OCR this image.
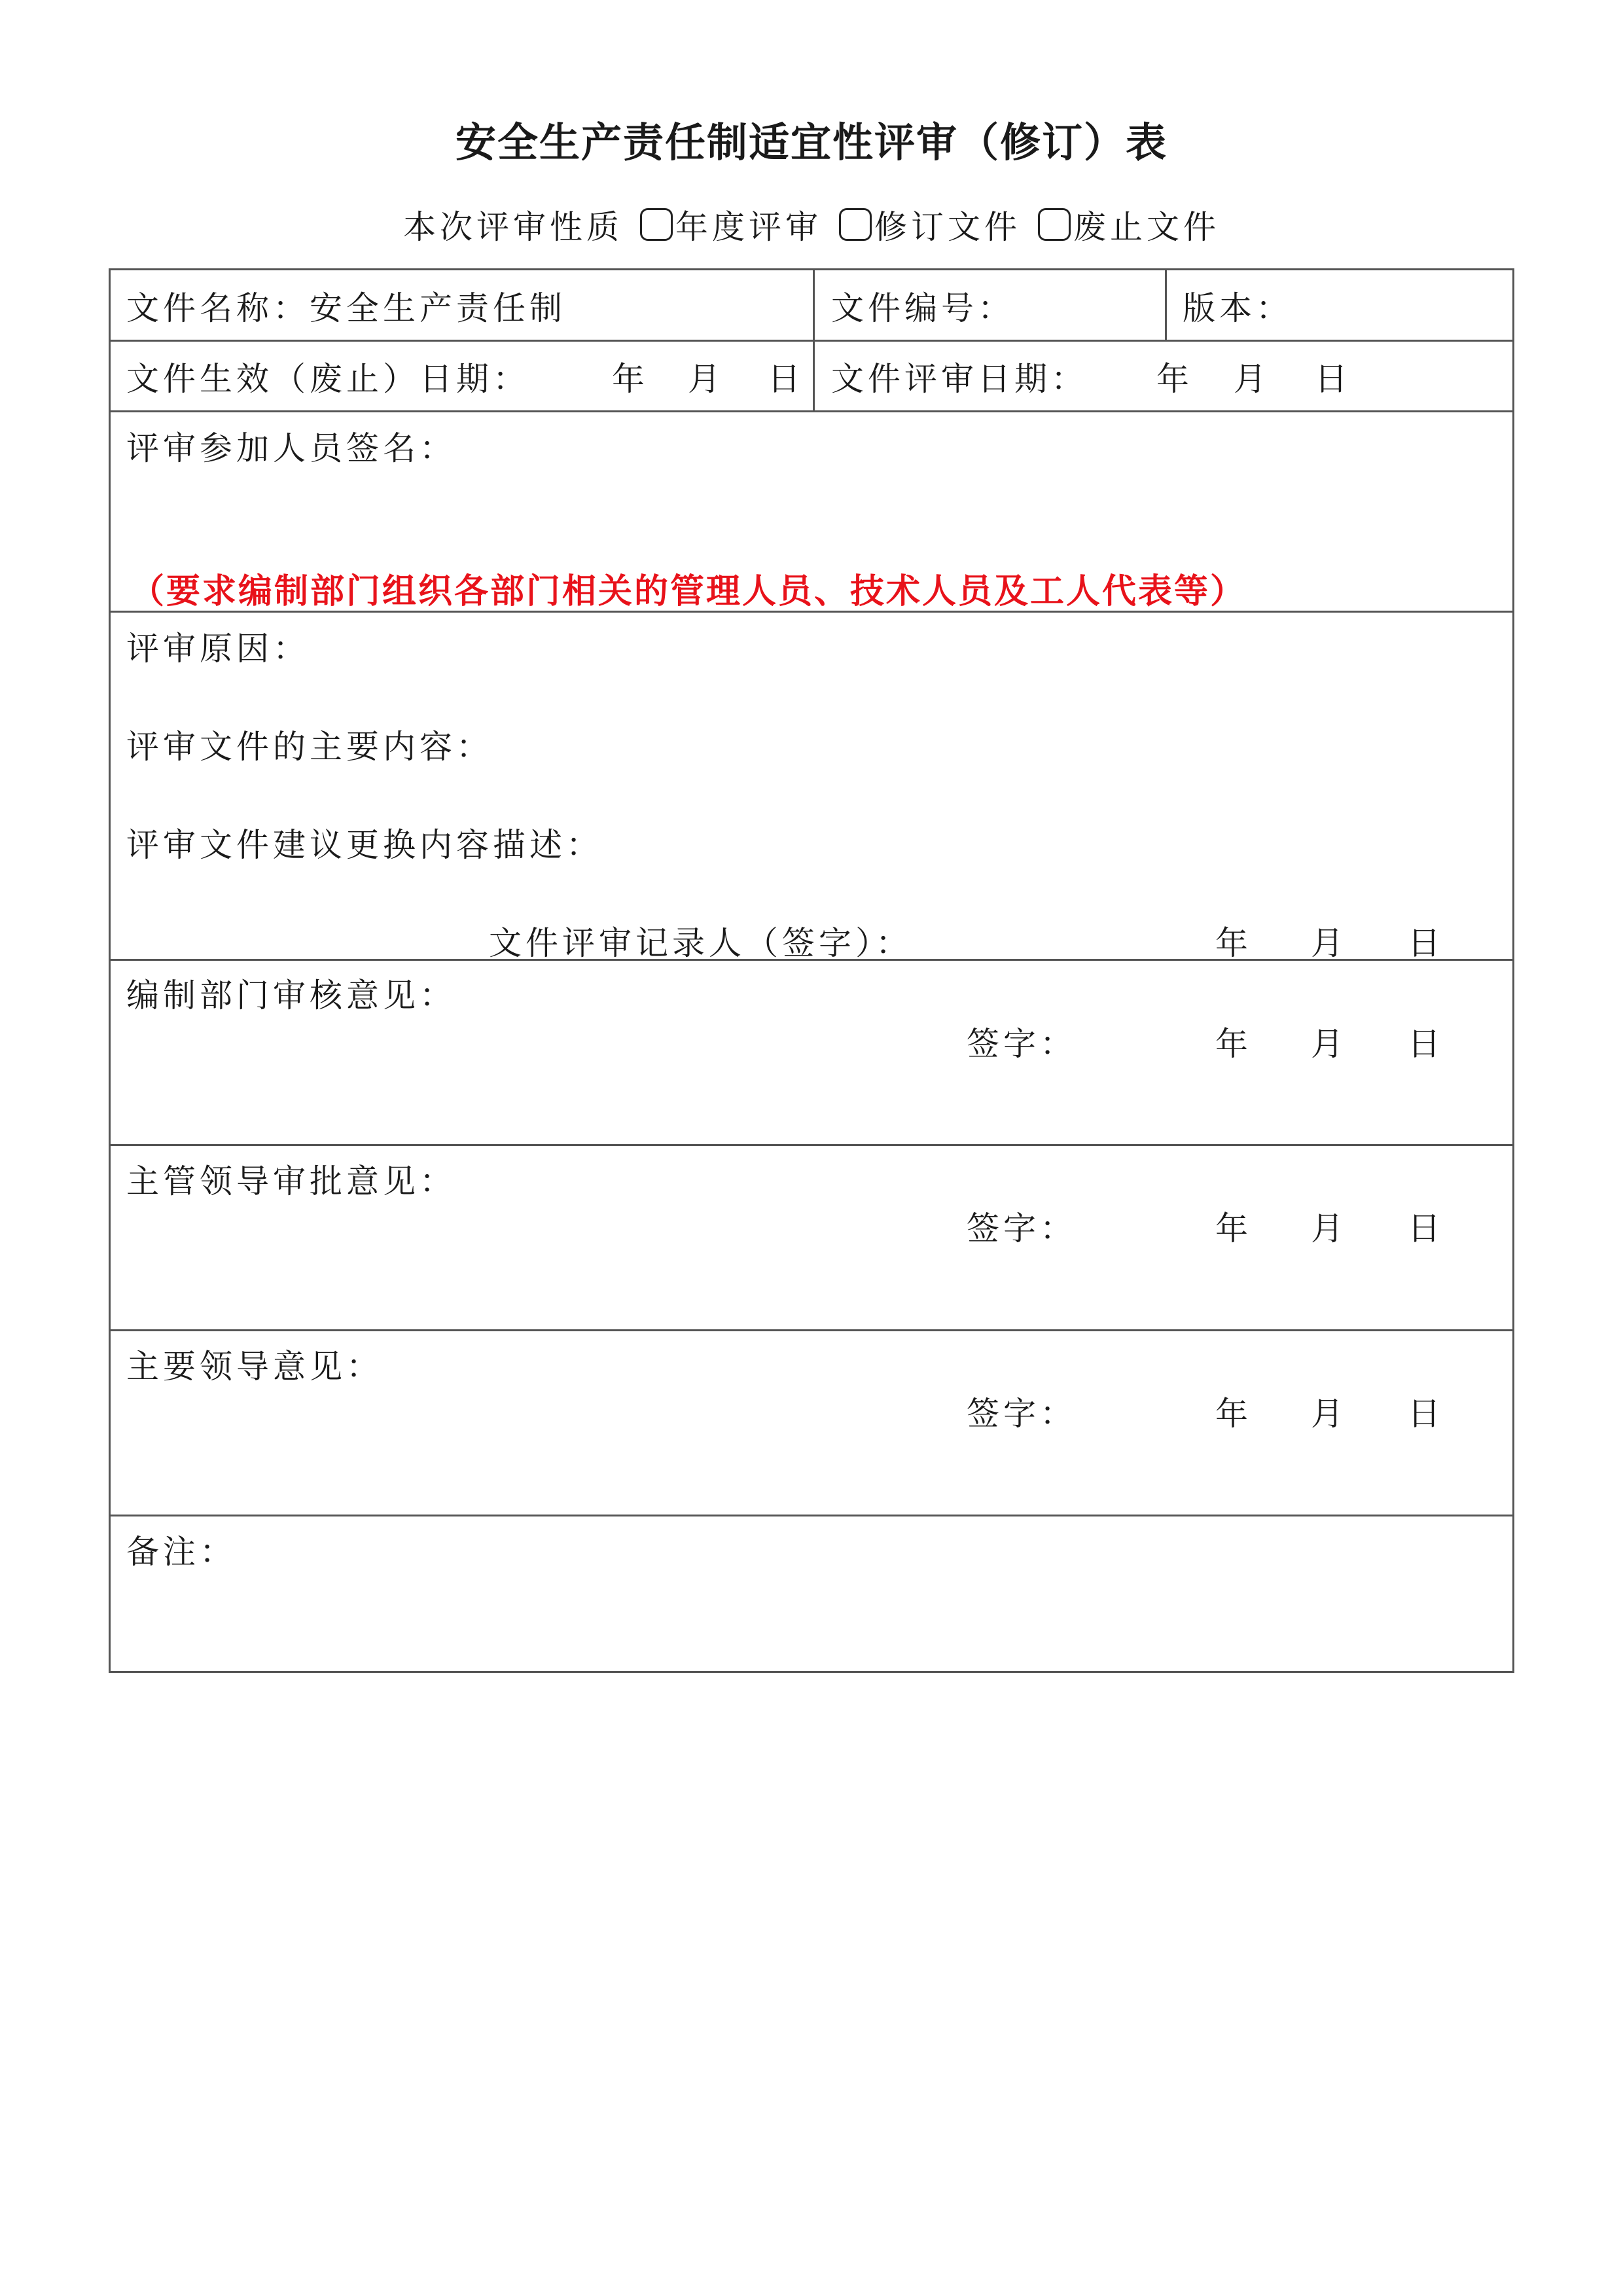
安全生产责任制适宜性评审（修订）表
本次评审性质 年度评审 修订文件 废止文件
文件名称：安全生产责任制	文件编号：	版本：
文件生效（废止）日期：	年 月 日 文件评审日期： 年 月 日
评审参加人员签名：
（要求编制部门组织各部门相关的管理人员、技术人员及工人代表等）
评审原因：
评审文件的主要内容：
评审文件建议更换内容描述：
文件评审记录人（签字）：	年 月 日
编制部门审核意见：
签字：	年 月 日
主管领导审批意见：
签字：	年 月 日
主要领导意见：
签字：	年 月 日
备注：
